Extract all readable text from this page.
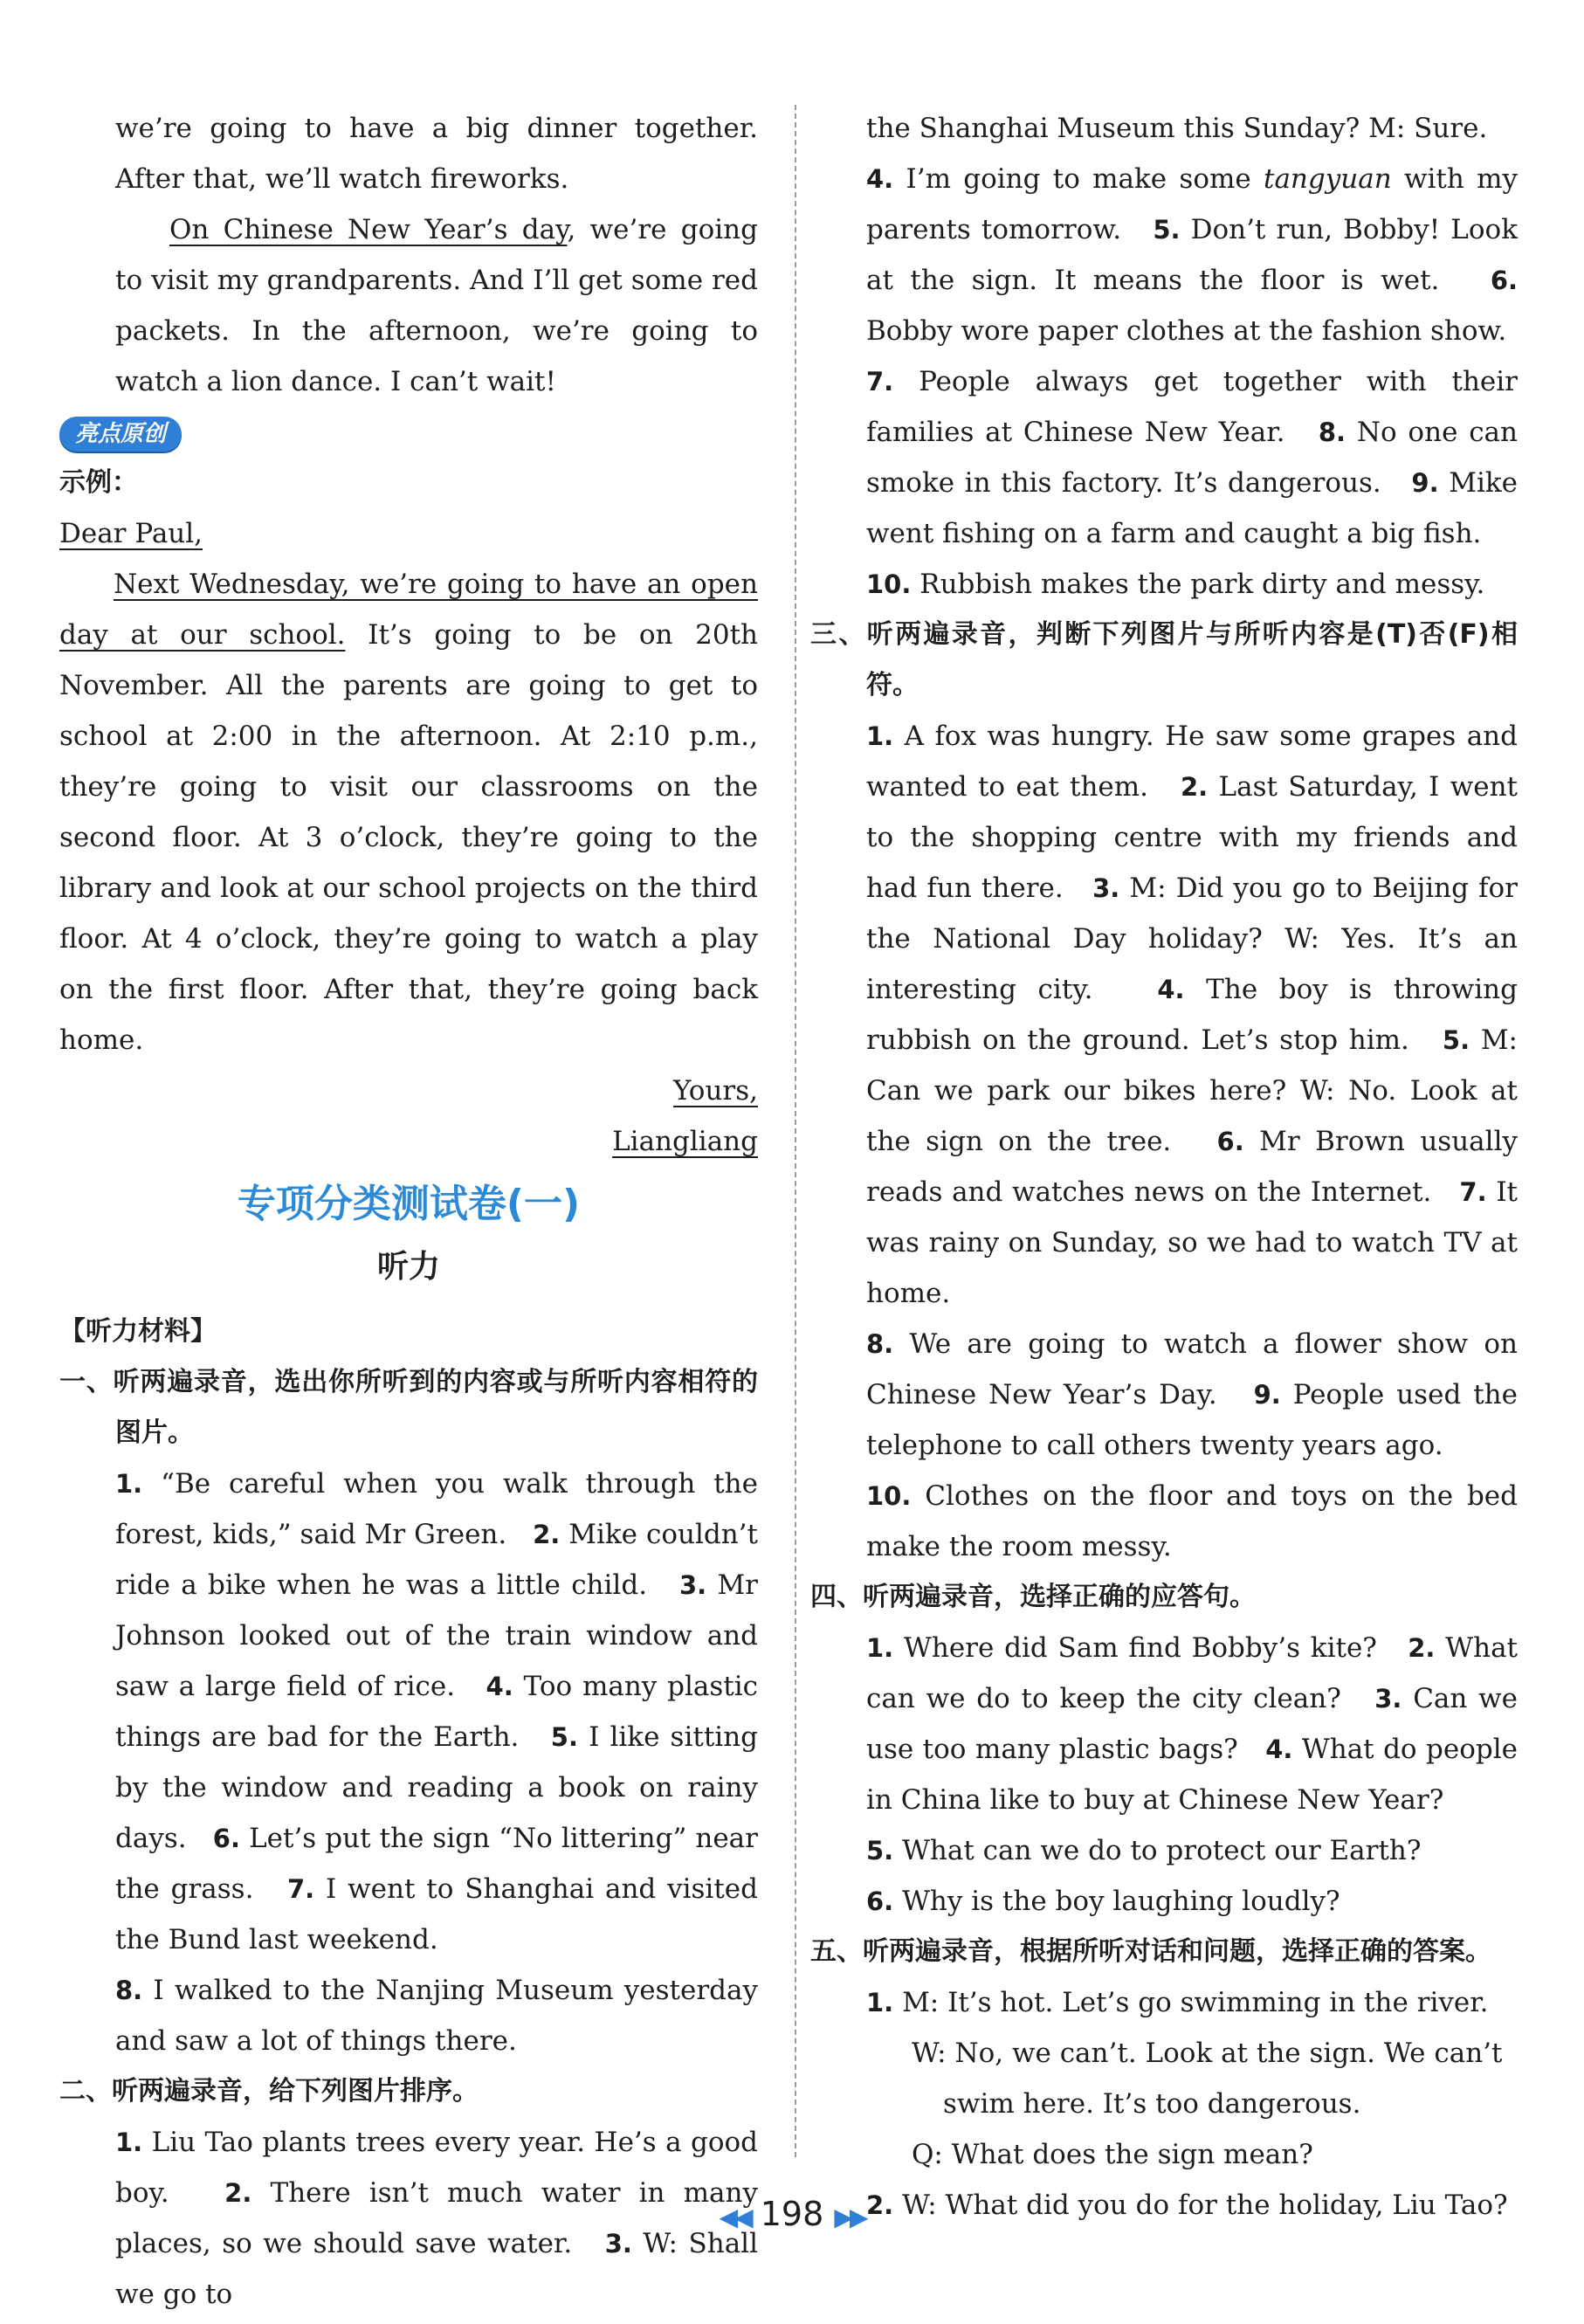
we’re going to have a big dinner together. After that, we’ll watch fireworks.

On Chinese New Year’s day, we’re going to visit my grandparents. And I’ll get some red packets. In the afternoon, we’re going to watch a lion dance. I can’t wait!

亮点原创

示例：

Dear Paul,

Next Wednesday, we’re going to have an open day at our school. It’s going to be on 20th November. All the parents are going to get to school at 2:00 in the afternoon. At 2:10 p.m., they’re going to visit our classrooms on the second floor. At 3 o’clock, they’re going to the library and look at our school projects on the third floor. At 4 o’clock, they’re going to watch a play on the first floor. After that, they’re going back home.

Yours,

Liangliang

专项分类测试卷(一)

听力

【听力材料】

一、听两遍录音，选出你所听到的内容或与所听内容相符的图片。

1. “Be careful when you walk through the forest, kids,” said Mr Green. 2. Mike couldn’t ride a bike when he was a little child. 3. Mr Johnson looked out of the train window and saw a large field of rice. 4. Too many plastic things are bad for the Earth. 5. I like sitting by the window and reading a book on rainy days. 6. Let’s put the sign “No littering” near the grass. 7. I went to Shanghai and visited the Bund last weekend.

8. I walked to the Nanjing Museum yesterday and saw a lot of things there.

二、听两遍录音，给下列图片排序。

1. Liu Tao plants trees every year. He’s a good boy. 2. There isn’t much water in many places, so we should save water. 3. W: Shall we go to

the Shanghai Museum this Sunday? M: Sure.

4. I’m going to make some tangyuan with my parents tomorrow. 5. Don’t run, Bobby! Look at the sign. It means the floor is wet. 6. Bobby wore paper clothes at the fashion show.

7. People always get together with their families at Chinese New Year. 8. No one can smoke in this factory. It’s dangerous. 9. Mike went fishing on a farm and caught a big fish.

10. Rubbish makes the park dirty and messy.

三、听两遍录音，判断下列图片与所听内容是(T)否(F)相符。

1. A fox was hungry. He saw some grapes and wanted to eat them. 2. Last Saturday, I went to the shopping centre with my friends and had fun there. 3. M: Did you go to Beijing for the National Day holiday? W: Yes. It’s an interesting city.	4. The boy is throwing rubbish on the ground. Let’s stop him. 5. M: Can we park our bikes here? W: No. Look at the sign on the tree. 6. Mr Brown usually reads and watches news on the Internet. 7. It was rainy on Sunday, so we had to watch TV at home.

8. We are going to watch a flower show on Chinese New Year’s Day. 9. People used the telephone to call others twenty years ago.

10. Clothes on the floor and toys on the bed make the room messy.

四、听两遍录音，选择正确的应答句。

1. Where did Sam find Bobby’s kite? 2. What can we do to keep the city clean? 3. Can we use too many plastic bags? 4. What do people in China like to buy at Chinese New Year?

5. What can we do to protect our Earth?

6. Why is the boy laughing loudly?

五、听两遍录音，根据所听对话和问题，选择正确的答案。

1. M: It’s hot. Let’s go swimming in the river.

W: No, we can’t. Look at the sign. We can’t

swim here. It’s too dangerous.

Q: What does the sign mean?

2. W: What did you do for the holiday, Liu Tao?

◀◀ 198 ▶▶
